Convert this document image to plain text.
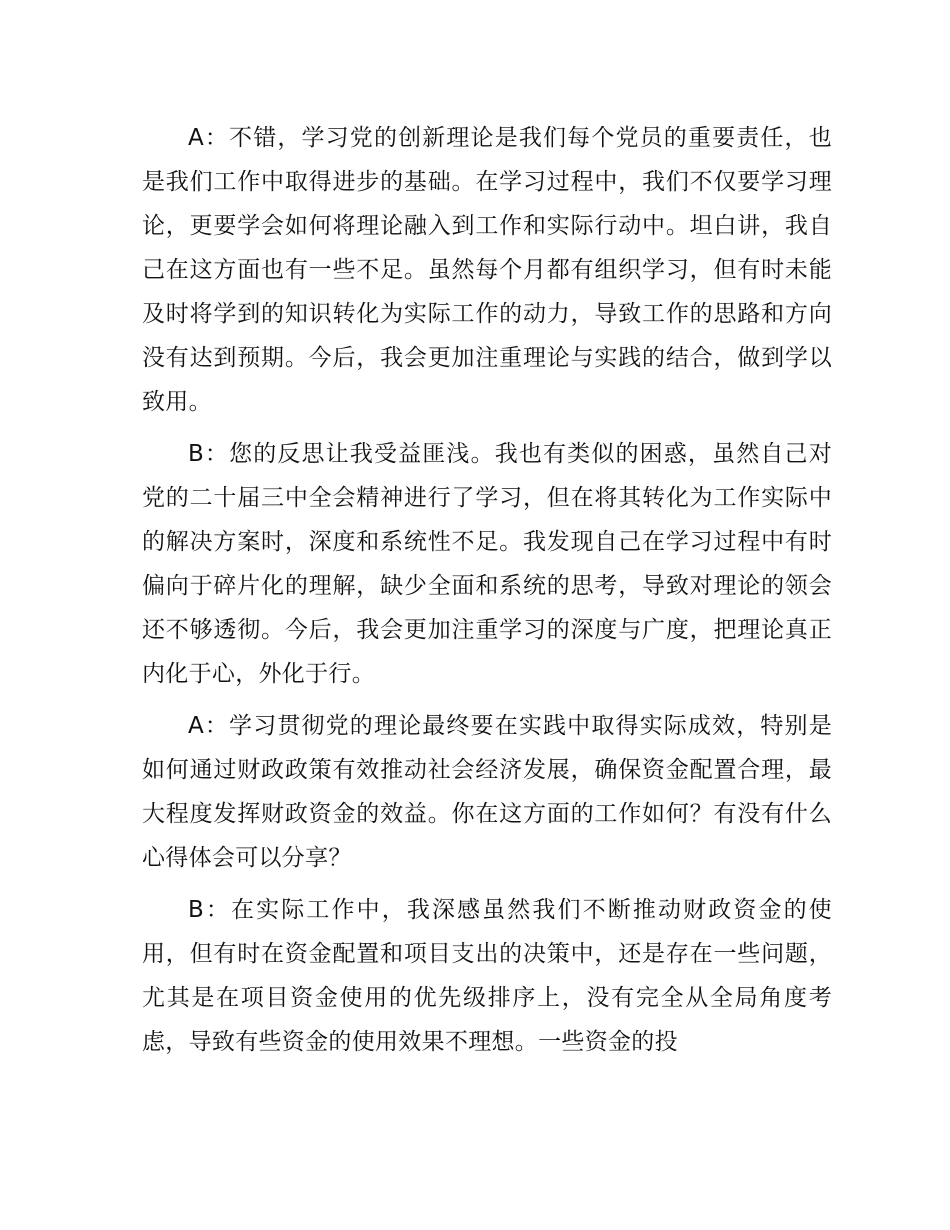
A：不错，学习党的创新理论是我们每个党员的重要责任，也是我们工作中取得进步的基础。在学习过程中，我们不仅要学习理论，更要学会如何将理论融入到工作和实际行动中。坦白讲，我自己在这方面也有一些不足。虽然每个月都有组织学习，但有时未能及时将学到的知识转化为实际工作的动力，导致工作的思路和方向没有达到预期。今后，我会更加注重理论与实践的结合，做到学以致用。

B：您的反思让我受益匪浅。我也有类似的困惑，虽然自己对党的二十届三中全会精神进行了学习，但在将其转化为工作实际中的解决方案时，深度和系统性不足。我发现自己在学习过程中有时偏向于碎片化的理解，缺少全面和系统的思考，导致对理论的领会还不够透彻。今后，我会更加注重学习的深度与广度，把理论真正内化于心，外化于行。

A：学习贯彻党的理论最终要在实践中取得实际成效，特别是如何通过财政政策有效推动社会经济发展，确保资金配置合理，最大程度发挥财政资金的效益。你在这方面的工作如何？有没有什么心得体会可以分享？

B：在实际工作中，我深感虽然我们不断推动财政资金的使用，但有时在资金配置和项目支出的决策中，还是存在一些问题，尤其是在项目资金使用的优先级排序上，没有完全从全局角度考虑，导致有些资金的使用效果不理想。一些资金的投
